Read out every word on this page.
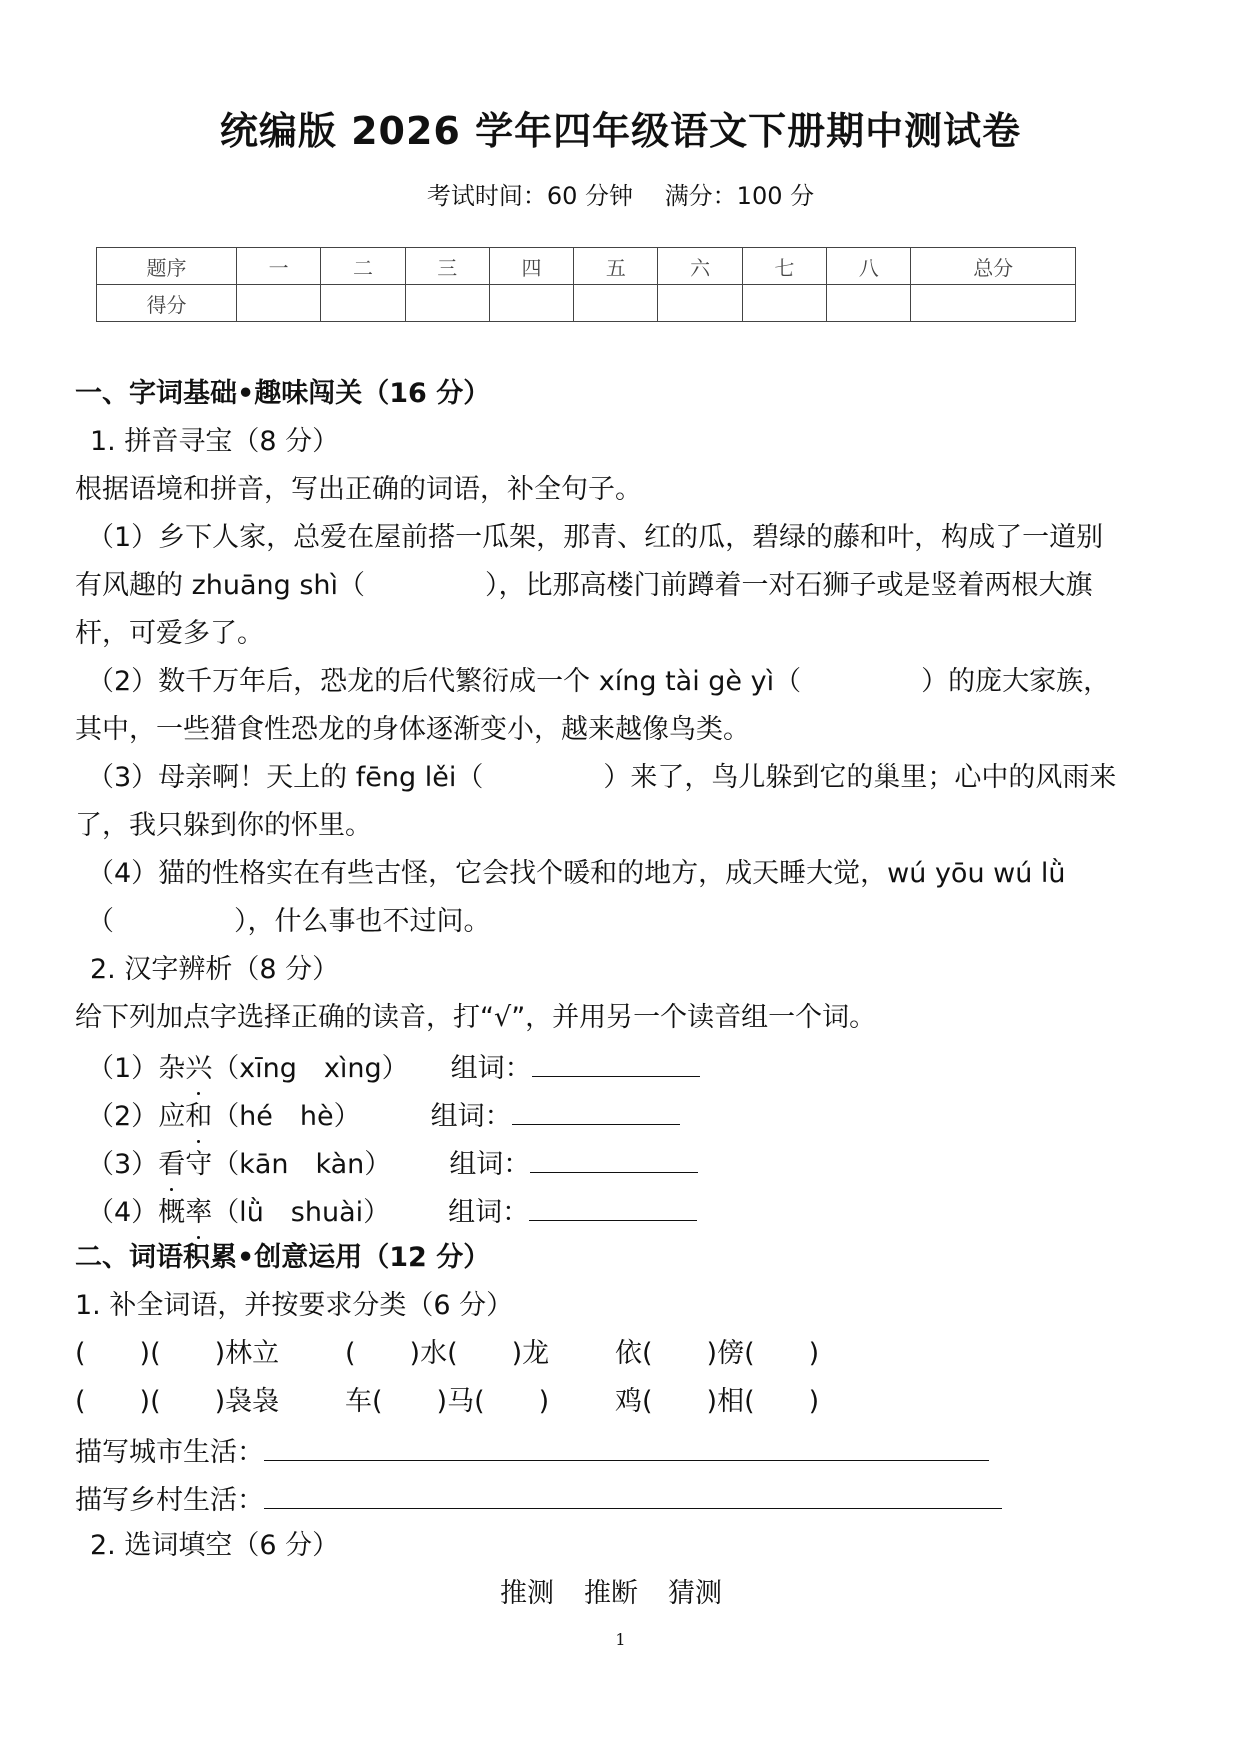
统编版 2026 学年四年级语文下册期中测试卷
考试时间：60 分钟 满分：100 分
题序	一	二	三	四	五	六	七	八	总分
得分									
一、字词基础•趣味闯关（16 分）
1. 拼音寻宝（8 分）
根据语境和拼音，写出正确的词语，补全句子。
（1）乡下人家，总爱在屋前搭一瓜架，那青、红的瓜，碧绿的藤和叶，构成了一道别
有风趣的 zhuāng shì（	），比那高楼门前蹲着一对石狮子或是竖着两根大旗
杆，可爱多了。
（2）数千万年后，恐龙的后代繁衍成一个 xíng tài gè yì（	）的庞大家族，
其中，一些猎食性恐龙的身体逐渐变小，越来越像鸟类。
（3）母亲啊！天上的 fēng lěi（	）来了，鸟儿躲到它的巢里；心中的风雨来
了，我只躲到你的怀里。
（4）猫的性格实在有些古怪，它会找个暖和的地方，成天睡大觉，wú yōu wú lǜ
（	），什么事也不过问。
2. 汉字辨析（8 分）
给下列加点字选择正确的读音，打“√”，并用另一个读音组一个词。
（1）杂兴（xīng　xìng） 组词：
（2）应和（hé　hè）	组词：
（3）看守（kān　kàn） 组词：
（4）概率（lǜ　shuài） 组词：
二、词语积累•创意运用（12 分）
1. 补全词语，并按要求分类（6 分）
(　　)(　　)林立 (　　)水(　　)龙 依(　　)傍(　　)
(　　)(　　)袅袅 车(　　)马(　　) 鸡(　　)相(　　)
描写城市生活：
描写乡村生活：
2. 选词填空（6 分）
推测 推断 猜测
1
